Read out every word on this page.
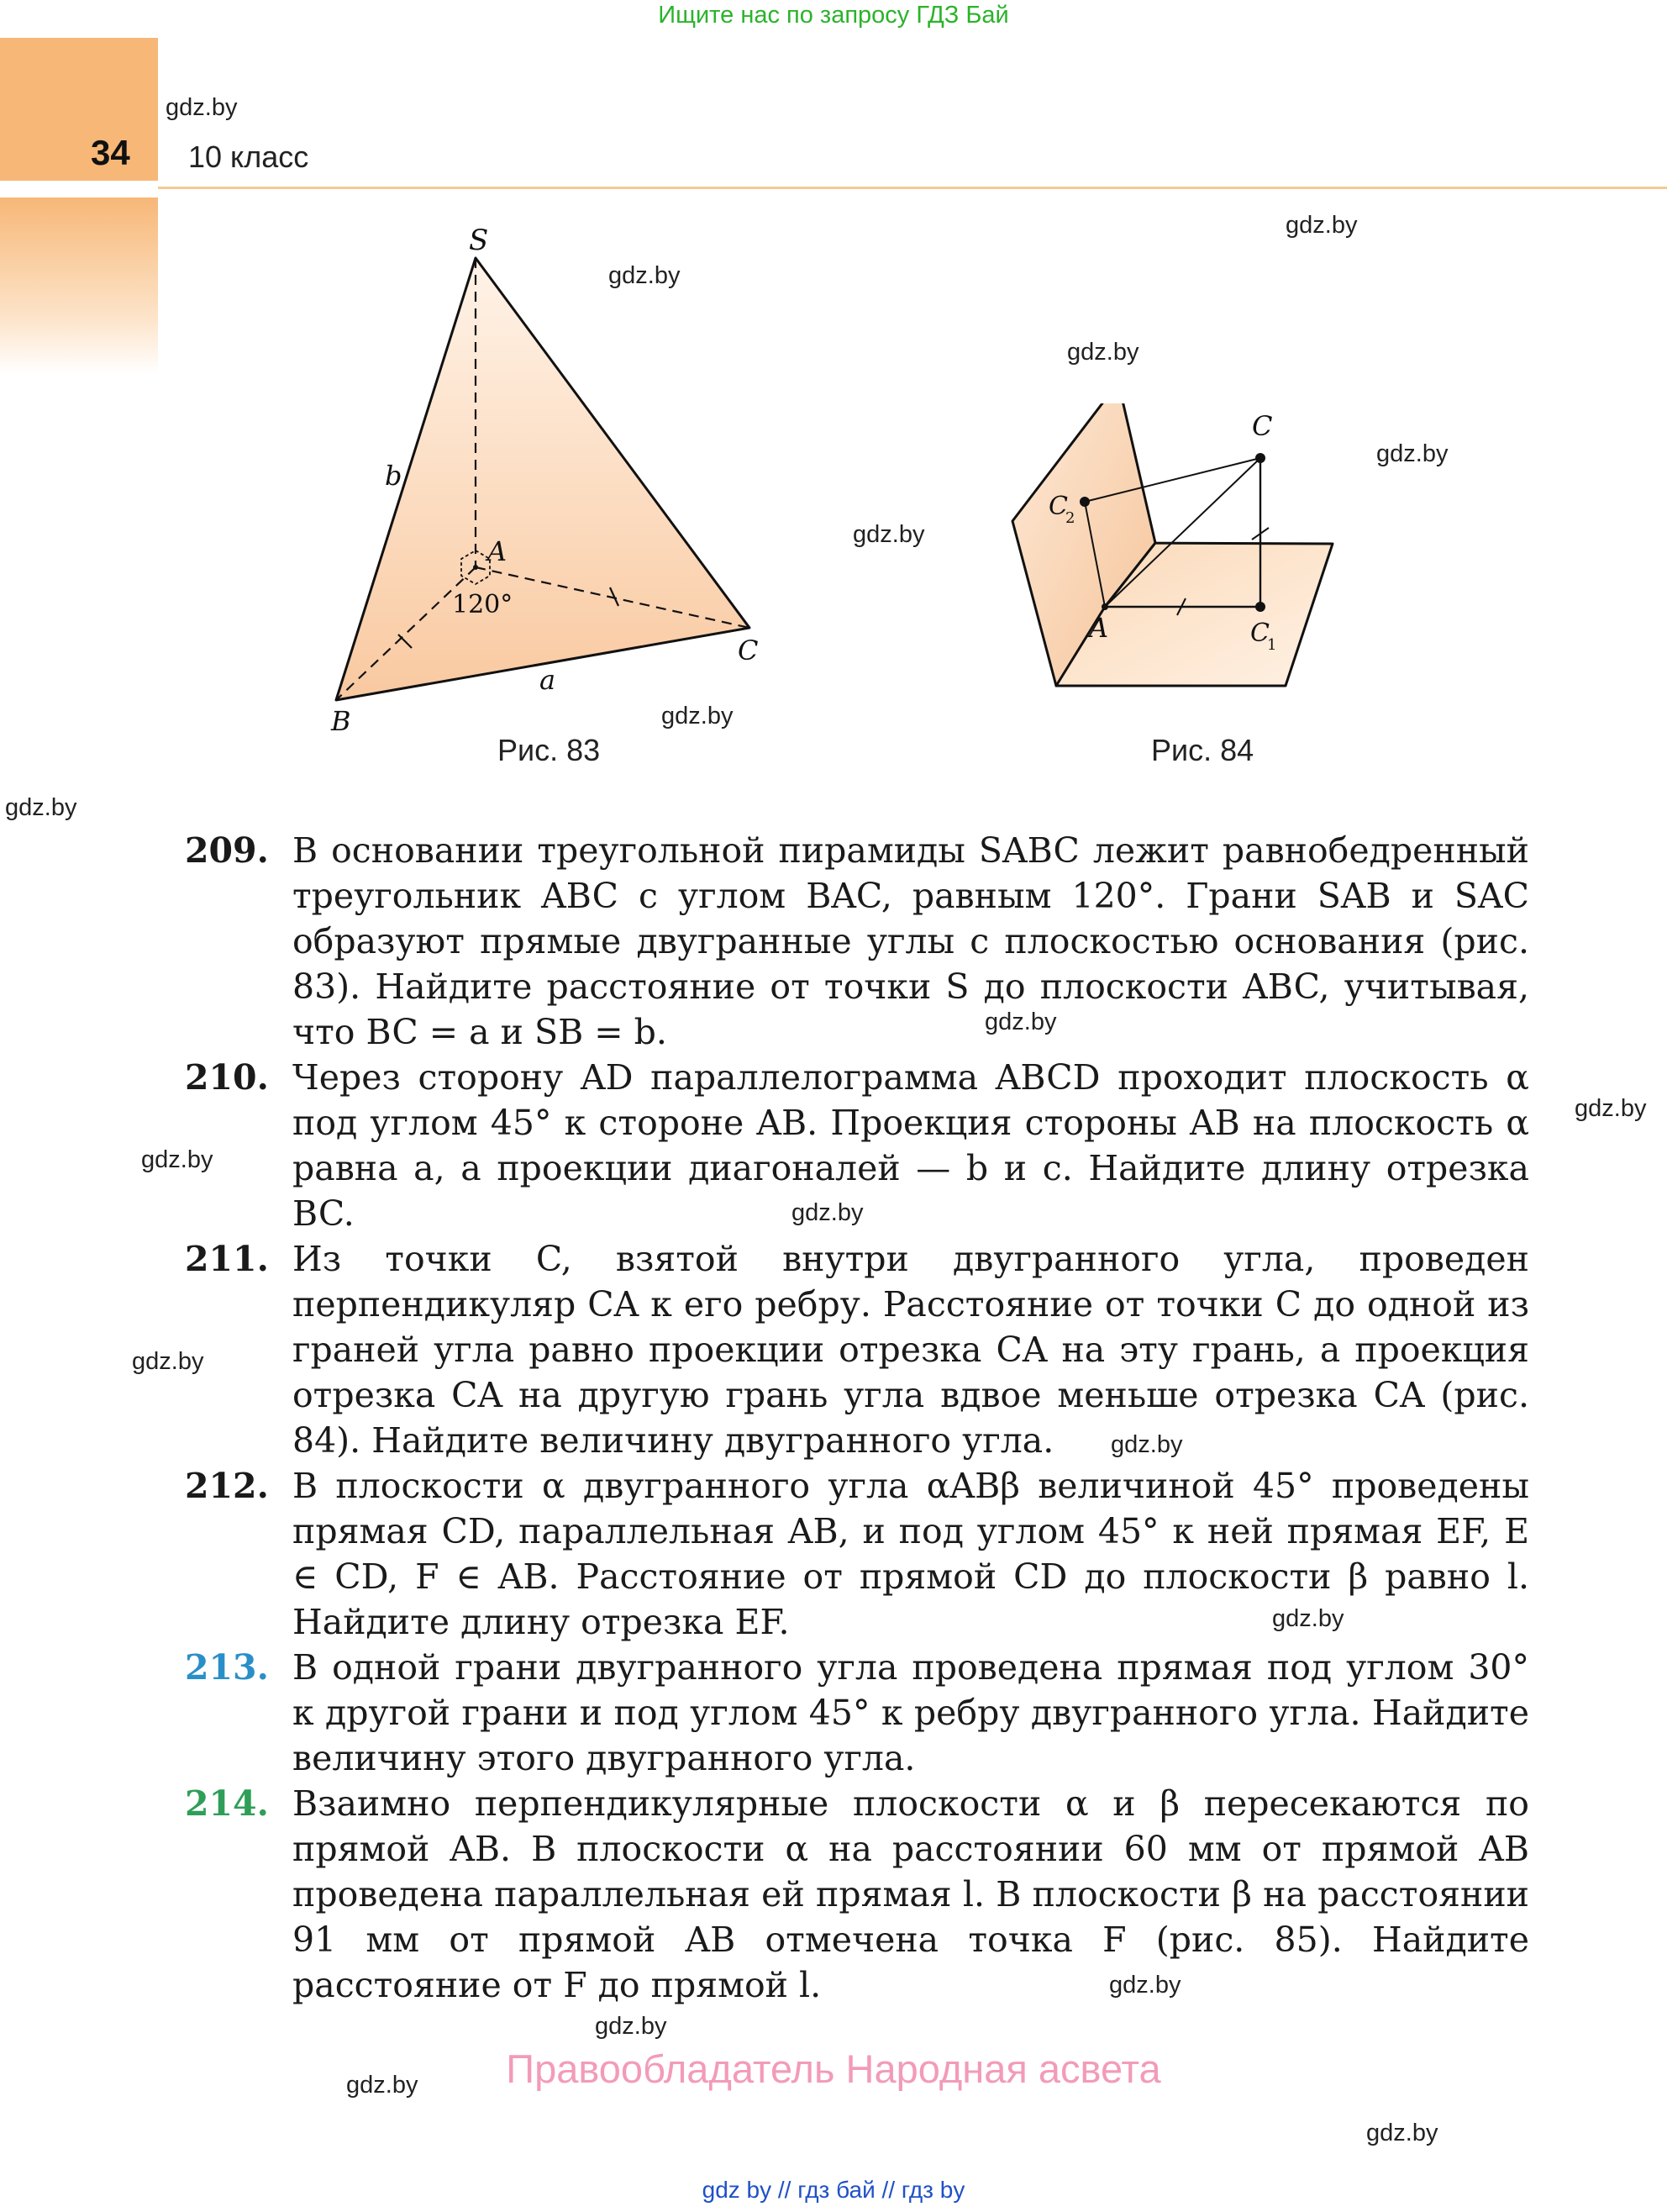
Ищите нас по запросу ГДЗ Бай
34 10 класс
gdz.by
gdz.by
gdz.by
gdz.by
gdz.by
gdz.by
gdz.by
gdz.by
gdz.by
gdz.by
gdz.by
gdz.by
gdz.by
gdz.by
gdz.by
gdz.by
gdz.by
gdz.by
gdz.by
S
A
B
C
b
a
120°
Рис. 83
C
C
2
A	C
1
Рис. 84
209. В основании треугольной пирамиды SABC лежит равнобедренный треугольник ABC с углом BAC, равным 120°. Грани SAB и SAC образуют прямые двугранные углы с плоскостью основания (рис. 83). Найдите расстояние от точки S до плоскости ABC, учитывая, что BC = a и SB = b.
210. Через сторону AD параллелограмма ABCD проходит плоскость α под углом 45° к стороне AB. Проекция стороны AB на плоскость α равна a, а проекции диагоналей — b и c. Найдите длину отрезка BC.
211. Из точки C, взятой внутри двугранного угла, проведен перпендикуляр CA к его ребру. Расстояние от точки C до одной из граней угла равно проекции отрезка CA на эту грань, а проекция отрезка CA на другую грань угла вдвое меньше отрезка CA (рис. 84). Найдите величину двугранного угла.
212. В плоскости α двугранного угла αABβ величиной 45° проведены прямая CD, параллельная AB, и под углом 45° к ней прямая EF, E ∈ CD, F ∈ AB. Расстояние от прямой CD до плоскости β равно l. Найдите длину отрезка EF.
213. В одной грани двугранного угла проведена прямая под углом 30° к другой грани и под углом 45° к ребру двугранного угла. Найдите величину этого двугранного угла.
214. Взаимно перпендикулярные плоскости α и β пересекаются по прямой AB. В плоскости α на расстоянии 60 мм от прямой AB проведена параллельная ей прямая l. В плоскости β на расстоянии 91 мм от прямой AB отмечена точка F (рис. 85). Найдите расстояние от F до прямой l.
Правообладатель Народная асвета
gdz by // гдз бай // гдз by
